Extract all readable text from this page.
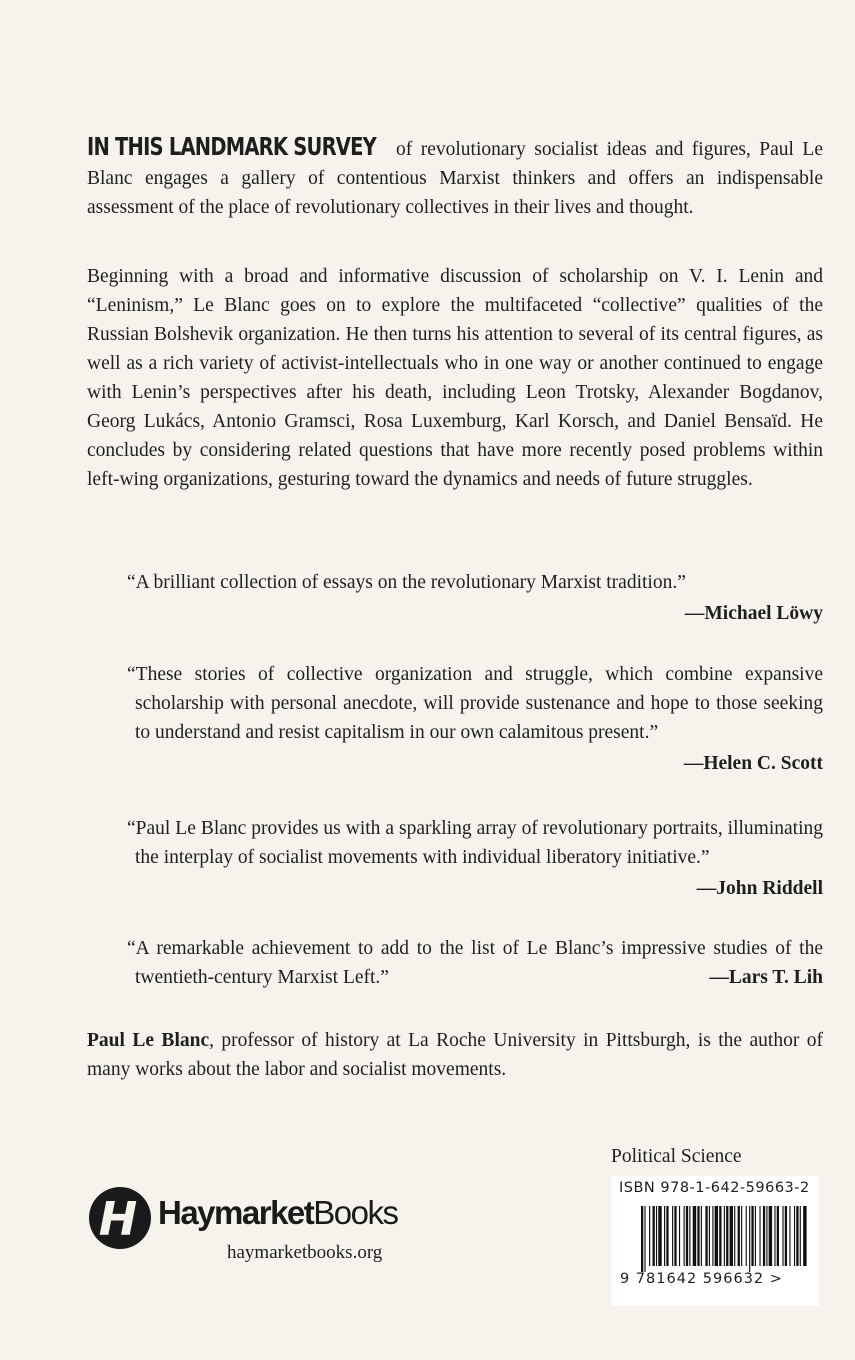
IN THIS LANDMARK SURVEY of revolutionary socialist ideas and figures, Paul Le Blanc engages a gallery of contentious Marxist thinkers and offers an indispensable assessment of the place of revolutionary collectives in their lives and thought.
Beginning with a broad and informative discussion of scholarship on V. I. Lenin and “Leninism,” Le Blanc goes on to explore the multifaceted “collective” qualities of the Russian Bolshevik organization. He then turns his attention to several of its central figures, as well as a rich variety of activist-intellectuals who in one way or another continued to engage with Lenin’s perspectives after his death, including Leon Trotsky, Alexander Bogdanov, Georg Lukács, Antonio Gramsci, Rosa Luxemburg, Karl Korsch, and Daniel Bensaïd. He concludes by considering related questions that have more recently posed problems within left-wing organizations, gesturing toward the dynamics and needs of future struggles.
“A brilliant collection of essays on the revolutionary Marxist tradition.”
—Michael Löwy
“These stories of collective organization and struggle, which combine expansive scholarship with personal anecdote, will provide sustenance and hope to those seeking to understand and resist capitalism in our own calamitous present.”
—Helen C. Scott
“Paul Le Blanc provides us with a sparkling array of revolutionary portraits, illuminating the interplay of socialist movements with individual liberatory initiative.”
—John Riddell
“A remarkable achievement to add to the list of Le Blanc’s impressive studies of the twentieth-century Marxist Left.”	—Lars T. Lih
Paul Le Blanc, professor of history at La Roche University in Pittsburgh, is the author of many works about the labor and socialist movements.
H HaymarketBooks
haymarketbooks.org
Political Science
ISBN 978-1-642-59663-2
9 781642 596632 >
